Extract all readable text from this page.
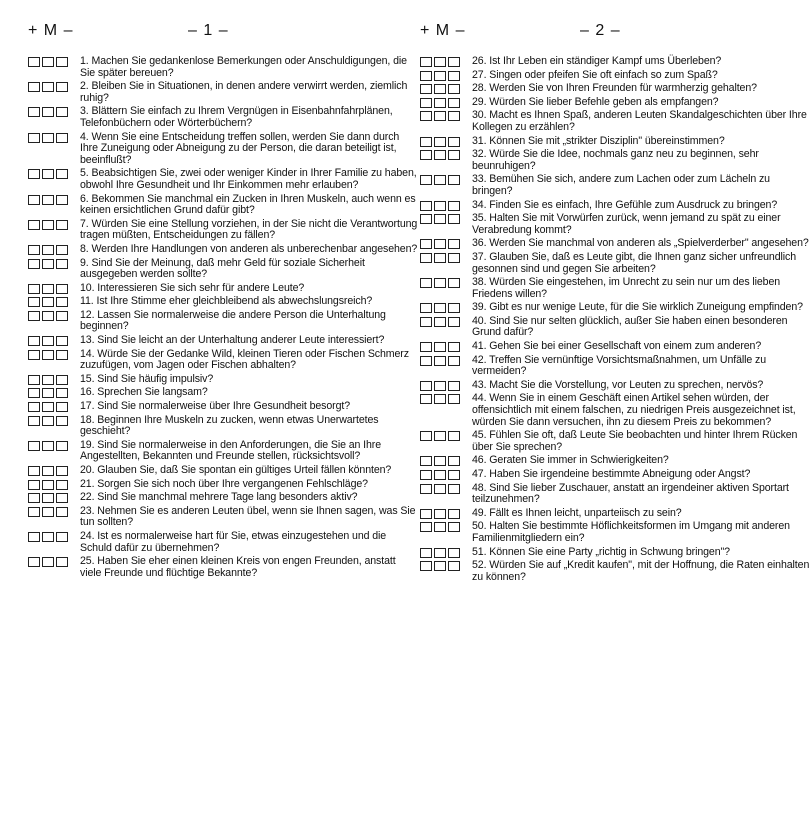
+ M –	– 1 –
1. Machen Sie gedankenlose Bemerkungen oder Anschuldigungen, die Sie später bereuen?
2. Bleiben Sie in Situationen, in denen andere verwirrt werden, ziemlich ruhig?
3. Blättern Sie einfach zu Ihrem Vergnügen in Eisenbahnfahrplänen, Telefonbüchern oder Wörterbüchern?
4. Wenn Sie eine Entscheidung treffen sollen, werden Sie dann durch Ihre Zuneigung oder Abneigung zu der Person, die daran beteiligt ist, beeinflußt?
5. Beabsichtigen Sie, zwei oder weniger Kinder in Ihrer Familie zu haben, obwohl Ihre Gesundheit und Ihr Einkommen mehr erlauben?
6. Bekommen Sie manchmal ein Zucken in Ihren Muskeln, auch wenn es keinen ersichtlichen Grund dafür gibt?
7. Würden Sie eine Stellung vorziehen, in der Sie nicht die Verantwortung tragen müßten, Entscheidungen zu fällen?
8. Werden Ihre Handlungen von anderen als unberechenbar angesehen?
9. Sind Sie der Meinung, daß mehr Geld für soziale Sicherheit ausgegeben werden sollte?
10. Interessieren Sie sich sehr für andere Leute?
11. Ist Ihre Stimme eher gleichbleibend als abwechslungsreich?
12. Lassen Sie normalerweise die andere Person die Unterhaltung beginnen?
13. Sind Sie leicht an der Unterhaltung anderer Leute interessiert?
14. Würde Sie der Gedanke Wild, kleinen Tieren oder Fischen Schmerz zuzufügen, vom Jagen oder Fischen abhalten?
15. Sind Sie häufig impulsiv?
16. Sprechen Sie langsam?
17. Sind Sie normalerweise über Ihre Gesundheit besorgt?
18. Beginnen Ihre Muskeln zu zucken, wenn etwas Unerwartetes geschieht?
19. Sind Sie normalerweise in den Anforderungen, die Sie an Ihre Angestellten, Bekannten und Freunde stellen, rücksichtsvoll?
20. Glauben Sie, daß Sie spontan ein gültiges Urteil fällen könnten?
21. Sorgen Sie sich noch über Ihre vergangenen Fehlschläge?
22. Sind Sie manchmal mehrere Tage lang besonders aktiv?
23. Nehmen Sie es anderen Leuten übel, wenn sie Ihnen sagen, was Sie tun sollten?
24. Ist es normalerweise hart für Sie, etwas einzugestehen und die Schuld dafür zu übernehmen?
25. Haben Sie eher einen kleinen Kreis von engen Freunden, anstatt viele Freunde und flüchtige Bekannte?
+ M –	– 2 –
26. Ist Ihr Leben ein ständiger Kampf ums Überleben?
27. Singen oder pfeifen Sie oft einfach so zum Spaß?
28. Werden Sie von Ihren Freunden für warmherzig gehalten?
29. Würden Sie lieber Befehle geben als empfangen?
30. Macht es Ihnen Spaß, anderen Leuten Skandalgeschichten über Ihre Kollegen zu erzählen?
31. Können Sie mit „strikter Disziplin" übereinstimmen?
32. Würde Sie die Idee, nochmals ganz neu zu beginnen, sehr beunruhigen?
33. Bemühen Sie sich, andere zum Lachen oder zum Lächeln zu bringen?
34. Finden Sie es einfach, Ihre Gefühle zum Ausdruck zu bringen?
35. Halten Sie mit Vorwürfen zurück, wenn jemand zu spät zu einer Verabredung kommt?
36. Werden Sie manchmal von anderen als „Spielverderber" angesehen?
37. Glauben Sie, daß es Leute gibt, die Ihnen ganz sicher unfreundlich gesonnen sind und gegen Sie arbeiten?
38. Würden Sie eingestehen, im Unrecht zu sein nur um des lieben Friedens willen?
39. Gibt es nur wenige Leute, für die Sie wirklich Zuneigung empfinden?
40. Sind Sie nur selten glücklich, außer Sie haben einen besonderen Grund dafür?
41. Gehen Sie bei einer Gesellschaft von einem zum anderen?
42. Treffen Sie vernünftige Vorsichtsmaßnahmen, um Unfälle zu vermeiden?
43. Macht Sie die Vorstellung, vor Leuten zu sprechen, nervös?
44. Wenn Sie in einem Geschäft einen Artikel sehen würden, der offensichtlich mit einem falschen, zu niedrigen Preis ausgezeichnet ist, würden Sie dann versuchen, ihn zu diesem Preis zu bekommen?
45. Fühlen Sie oft, daß Leute Sie beobachten und hinter Ihrem Rücken über Sie sprechen?
46. Geraten Sie immer in Schwierigkeiten?
47. Haben Sie irgendeine bestimmte Abneigung oder Angst?
48. Sind Sie lieber Zuschauer, anstatt an irgendeiner aktiven Sportart teilzunehmen?
49. Fällt es Ihnen leicht, unparteiisch zu sein?
50. Halten Sie bestimmte Höflichkeitsformen im Umgang mit anderen Familienmitgliedern ein?
51. Können Sie eine Party „richtig in Schwung bringen"?
52. Würden Sie auf „Kredit kaufen", mit der Hoffnung, die Raten einhalten zu können?
